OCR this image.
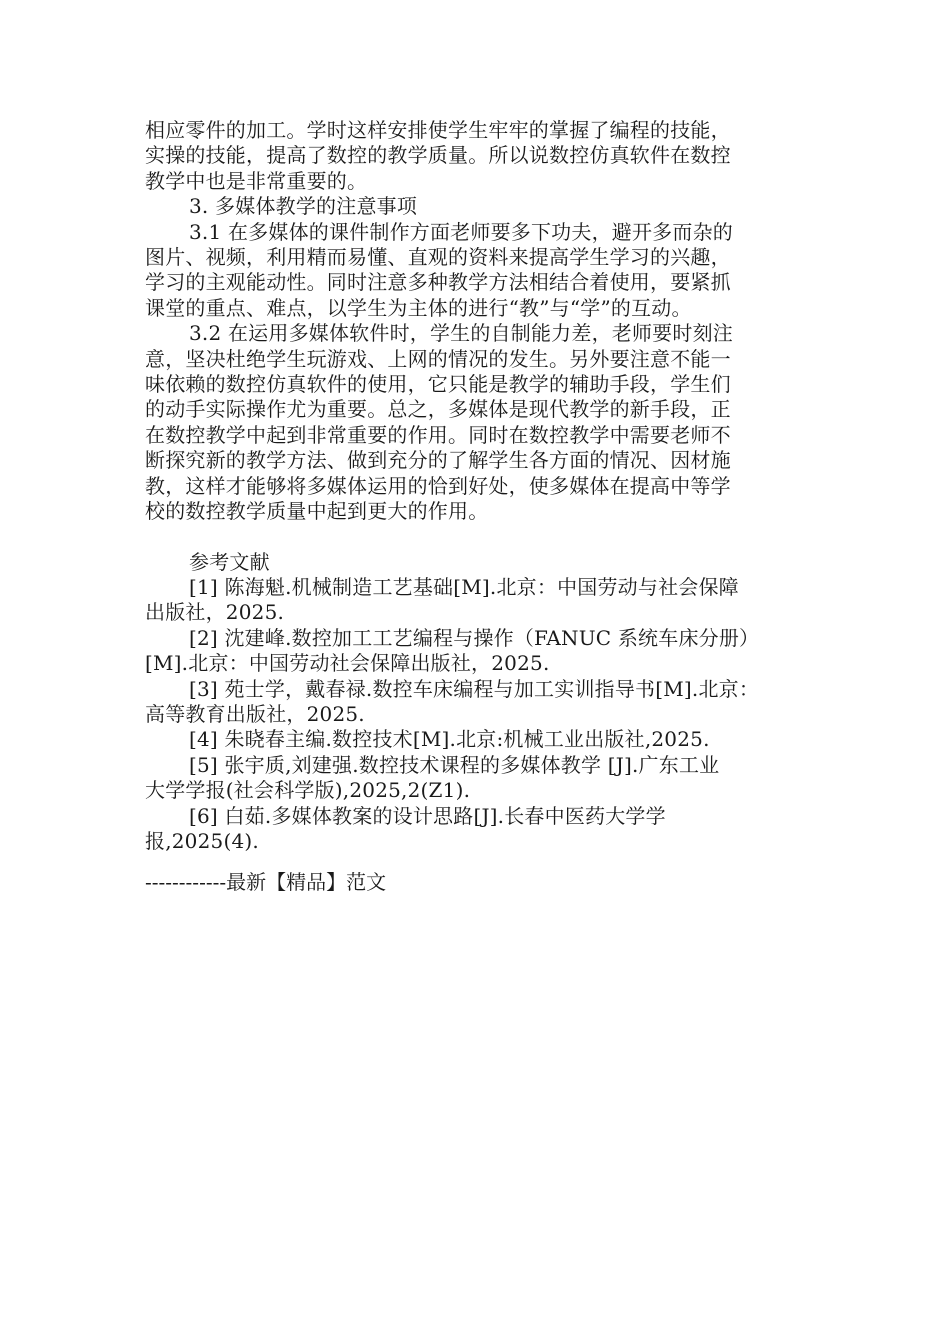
相应零件的加工。学时这样安排使学生牢牢的掌握了编程的技能，
实操的技能，提高了数控的教学质量。所以说数控仿真软件在数控
教学中也是非常重要的。
3. 多媒体教学的注意事项
3.1 在多媒体的课件制作方面老师要多下功夫，避开多而杂的
图片、视频，利用精而易懂、直观的资料来提高学生学习的兴趣，
学习的主观能动性。同时注意多种教学方法相结合着使用，要紧抓
课堂的重点、难点，以学生为主体的进行“教”与“学”的互动。
3.2 在运用多媒体软件时，学生的自制能力差，老师要时刻注
意，坚决杜绝学生玩游戏、上网的情况的发生。另外要注意不能一
味依赖的数控仿真软件的使用，它只能是教学的辅助手段，学生们
的动手实际操作尤为重要。总之，多媒体是现代教学的新手段，正
在数控教学中起到非常重要的作用。同时在数控教学中需要老师不
断探究新的教学方法、做到充分的了解学生各方面的情况、因材施
教，这样才能够将多媒体运用的恰到好处，使多媒体在提高中等学
校的数控教学质量中起到更大的作用。
参考文献
[1] 陈海魁.机械制造工艺基础[M].北京：中国劳动与社会保障
出版社，2025.
[2] 沈建峰.数控加工工艺编程与操作（FANUC 系统车床分册）
[M].北京：中国劳动社会保障出版社，2025.
[3] 苑士学，戴春禄.数控车床编程与加工实训指导书[M].北京：
高等教育出版社，2025.
[4] 朱晓春主编.数控技术[M].北京:机械工业出版社,2025.
[5] 张宇质,刘建强.数控技术课程的多媒体教学 [J].广东工业
大学学报(社会科学版),2025,2(Z1).
[6] 白茹.多媒体教案的设计思路[J].长春中医药大学学
报,2025(4).
------------最新【精品】范文
